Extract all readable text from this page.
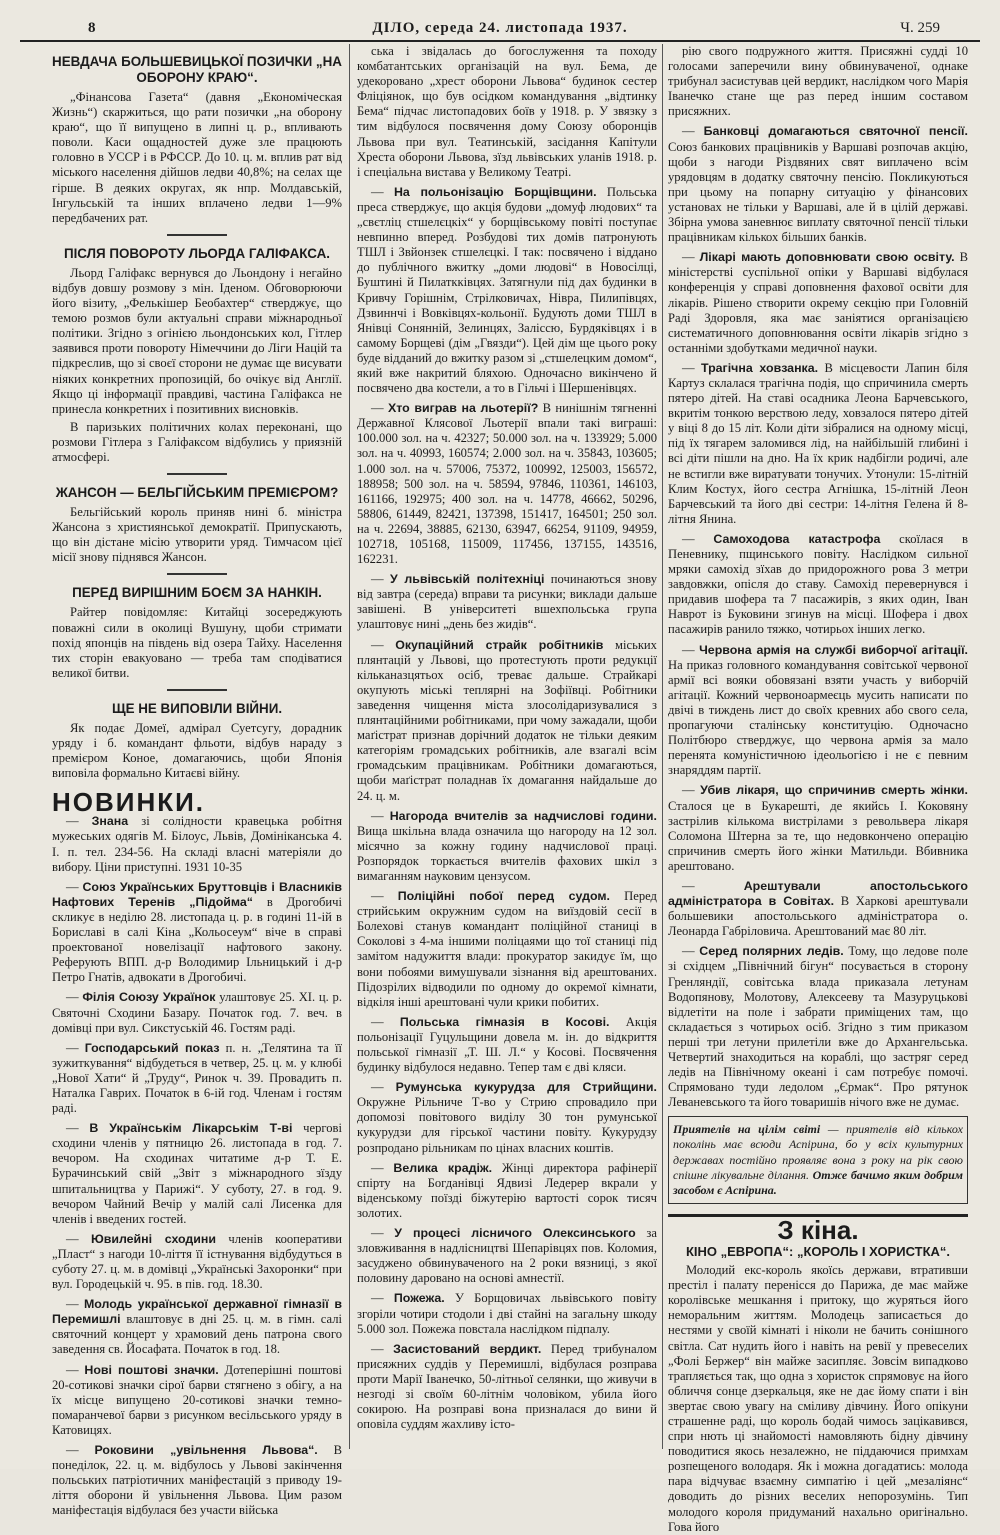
8	ДІЛО, середа 24. листопада 1937.	Ч. 259
НЕВДАЧА БОЛЬШЕВИЦЬКОЇ ПОЗИЧКИ „НА ОБОРОНУ КРАЮ“.

„Фінансова Газета“ (давня „Економіческая Жизнь“) скаржиться, що рати позички „на оборону краю“, що її випущено в липні ц. р., впливають поволи. Каси ощадностей дуже зле працюють головно в УССР і в РФССР. До 10. ц. м. вплив рат від міського населення дійшов ледви 40,8%; на селах ще гірше. В деяких округах, як нпр. Молдавській, Інгульській та інших вплачено ледви 1—9% передбачених рат.

ПІСЛЯ ПОВОРОТУ ЛЬОРДА ГАЛІФАКСА.

Льорд Галіфакс вернувся до Льондону і негайно відбув довшу розмову з мін. Іденом. Обговорюючи його візиту, „Фелькішер Беобахтер“ стверджує, що темою розмов були актуальні справи міжнародньої політики. Згідно з огінією льондонських кол, Гітлер заявився проти повороту Німеччини до Ліги Націй та підкреслив, що зі своєї сторони не думає ще висувати ніяких конкретних пропозицій, бо очікує від Англії. Якщо ці інформації правдиві, частина Галіфакса не принесла конкретних і позитивних висновків.

В паризьких політичних колах переконані, що розмови Гітлера з Галіфаксом відбулись у приязній атмосфері.

ЖАНСОН — БЕЛЬГІЙСЬКИМ ПРЕМІЄРОМ?

Бельгійський король приняв нині б. міністра Жансона з християнської демократії. Припускають, що він дістане місію утворити уряд. Тимчасом цієї місії знову піднявся Жансон.

ПЕРЕД ВИРІШНИМ БОЄМ ЗА НАНКІН.

Райтер повідомляє: Китайці зосереджують поважні сили в околиці Вушуну, щоби стримати похід японців на південь від озера Тайху. Населення тих сторін евакуовано — треба там сподіватися великої битви.

ЩЕ НЕ ВИПОВІЛИ ВІЙНИ.

Як подає Домеї, адмірал Суетсугу, дорадник уряду і б. командант фльоти, відбув нараду з премієром Коное, домагаючись, щоби Японія виповіла формально Китаєві війну.

НОВИНКИ.
— Знана зі солідности кравецька робітня мужеських одягів М. Білоус, Львів, Домініканська 4. І. п. тел. 234-56. На складі власні матеріяли до вибору. Ціни приступні. 1931 10-35
— Союз Українських Бруттовців і Власників Нафтових Теренів „Підойма“ в Дрогобичі скликує в неділю 28. листопада ц. р. в годині 11-ій в Бориславі в салі Кіна „Кольосеум“ віче в справі проектованої новелізації нафтового закону. Реферують ВПП. д-р Володимир Ільницький і д-р Петро Гнатів, адвокати в Дрогобичі.
— Філія Союзу Українок улаштовує 25. XI. ц. р. Святочні Сходини Базару. Початок год. 7. веч. в домівці при вул. Сикстуській 46. Гостям раді.
— Господарський показ п. н. „Телятина та її зужиткування“ відбудеться в четвер, 25. ц. м. у клюбі „Нової Хати“ й „Труду“, Ринок ч. 39. Провадить п. Наталка Гаврих. Початок в 6-ій год. Членам і гостям раді.
— В Українськім Лікарськім Т-ві чергові сходини членів у пятницю 26. листопада в год. 7. вечором. На сходинах читатиме д-р Т. Е. Бурачинський свій „Звіт з міжнародного зїзду шпитальництва у Парижі“. У суботу, 27. в год. 9. вечором Чайний Вечір у малій салі Лисенка для членів і введених гостей.
— Ювилейні сходини членів кооперативи „Пласт“ з нагоди 10-ліття її істнування відбудуться в суботу 27. ц. м. в домівці „Українські Захоронки“ при вул. Городецькій ч. 95. в пів. год. 18.30.
— Молодь української державної гімназії в Перемишлі влаштовує в дні 25. ц. м. в гімн. салі святочний концерт у храмовий день патрона свого заведення св. Йосафата. Початок в год. 18.
— Нові поштові значки. Дотеперішні поштові 20-сотикові значки сірої барви стягнено з обігу, а на їх місце випущено 20-сотикові значки темно-помаранчевої барви з рисунком весільського уряду в Катовицях.
— Роковини „увільнення Львова“. В понеділок, 22. ц. м. відбулось у Львові закінчення польських патріотичних маніфестацій з приводу 19-ліття оборони й увільнення Львова. Цим разом маніфестація відбулася без участи війська
ська і звідалась до богослуження та походу комбатантських організацій на вул. Бема, де удекоровано „хрест оборони Львова“ будинок сестер Фліціянок, що був осідком командування „відтинку Бема“ підчас листопадових боїв у 1918. р. У звязку з тим відбулося посвячення дому Союзу оборонців Львова при вул. Театинській, засідання Капітули Хреста оборони Львова, зїзд львівських уланів 1918. р. і спеціальна вистава у Великому Театрі.
— На польонізацію Борщівщини. Польська преса стверджує, що акція будови „домуф людових“ та „свєтліц стшелєцкіх“ у борщівському повіті поступає невпинно вперед. Розбудові тих домів патронують ТШЛ і Звйонзек стшелєцкі. І так: посвячено і віддано до публічного вжитку „доми людові“ в Новосілці, Буштині й Пилаткківцях. Затягнули під дах будинки в Кривчу Горішнім, Стрілковичах, Нівра, Пилипівцях, Дзвиннчі і Вовківцях-кольонії. Будують доми ТШЛ в Янівці Сонянній, Зелинцях, Заліссю, Бурдяківцях і в самому Борщеві (дім „Гвязди“). Цей дім ще цього року буде відданий до вжитку разом зі „стшелецким домом“, який вже накритий бляхою. Одночасно викінчено й посвячено два костели, а то в Гільчі і Шершенівцях.
— Хто виграв на льотерії? В нинішнім тягненні Державної Клясової Льотерії впали такі виграші: 100.000 зол. на ч. 42327; 50.000 зол. на ч. 133929; 5.000 зол. на ч. 40993, 160574; 2.000 зол. на ч. 35843, 103605; 1.000 зол. на ч. 57006, 75372, 100992, 125003, 156572, 188958; 500 зол. на ч. 58594, 97846, 110361, 146103, 161166, 192975; 400 зол. на ч. 14778, 46662, 50296, 58806, 61449, 82421, 137398, 151417, 164501; 250 зол. на ч. 22694, 38885, 62130, 63947, 66254, 91109, 94959, 102718, 105168, 115009, 117456, 137155, 143516, 162231.
— У львівській політехніці починаються знову від завтра (середа) вправи та рисунки; виклади дальше завішені. В університеті вшехпольська група улаштовує нині „день без жидів“.
— Окупаційний страйк робітників міських плянтацій у Львові, що протестують проти редукції кільканазцятьох осіб, треває дальше. Страйкарі окупують міські теплярні на Зофіївці. Робітники заведення чищення міста злосолідаризувалися з плянтаційними робітниками, при чому зажадали, щоби маґістрат признав дорічний додаток не тільки деяким категоріям громадських робітників, але взагалі всім громадським працівникам. Робітники домагаються, щоби маґістрат поладнав їх домагання найдальше до 24. ц. м.
— Нагорода вчителів за надчислові години. Вища шкільна влада означила що нагороду на 12 зол. місячно за кожну годину надчислової праці. Розпорядок торкається вчителів фахових шкіл з вимаганням науковим цензусом.
— Поліційні побої перед судом. Перед стрийським окружним судом на виїздовій сесії в Болехові станув командант поліційної станиці в Соколові з 4-ма іншими поліцаями що тої станиці під замітом надужиття влади: прокуратор закидує їм, що вони побоями вимушували зізнання від арештованих. Підозрілих відводили по одному до окремої кімнати, відкіля інші арештовані чули крики побитих.
— Польська гімназія в Косові. Акція польонізації Гуцульщини довела м. ін. до відкриття польської гімназії „Т. Ш. Л.“ у Косові. Посвячення будинку відбулося недавно. Тепер там є дві кляси.
— Румунська кукурудза для Стрийщини. Окружне Рільниче Т-во у Стрию спровадило при допомозі повітового виділу 30 тон румунської кукурудзи для гірської частини повіту. Кукурудзу розпродано рільникам по цінах власних коштів.
— Велика крадіж. Жінці директора рафінерії спірту на Богданівці Ядвизі Ледерер вкрали у віденському поїзді біжутерію вартості сорок тисяч золотих.
— У процесі лісничого Олексинського за зловживання в надлісництві Шепарівцях пов. Коломия, засуджено обвинуваченого на 2 роки вязниці, з якої половину даровано на основі амнестії.
— Пожежа. У Борщовичах львівського повіту згоріли чотири стодоли і дві стайні на загальну шкоду 5.000 зол. Пожежа повстала наслідком підпалу.
— Засистований вердикт. Перед трибуналом присяжних суддів у Перемишлі, відбулася розправа проти Марії Іванечко, 50-літньої селянки, що живучи в незгоді зі своїм 60-літнім чоловіком, убила його сокирою. На розправі вона призналася до вини й оповіла суддям жахливу істо-
рію свого подружного життя. Присяжні судді 10 голосами заперечили вину обвинуваченої, однаке трибунал засистував цей вердикт, наслідком чого Марія Іванечко стане ще раз перед іншим составом присяжних.
— Банковці домагаються святочної пенсії. Союз банкових працівників у Варшаві розпочав акцію, щоби з нагоди Різдвяних свят виплачено всім урядовцям в додатку святочну пенсію. Покликуються при цьому на попарну ситуацію у фінансових установах не тільки у Варшаві, але й в цілій державі. Збірна умова заневнює виплату святочної пенсії тільки працівникам кількох більших банків.
— Лікарі мають доповнювати свою освіту. В міністерстві суспільної опіки у Варшаві відбулася конференція у справі доповнення фахової освіти для лікарів. Рішено створити окрему секцію при Головній Раді Здоровля, яка має заніятися організацією систематичного доповнювання освіти лікарів згідно з останніми здобутками медичної науки.
— Трагічна ховзанка. В місцевости Лапин біля Картуз склалася трагічна подія, що спричинила смерть пятеро дітей. На ставі осадника Леона Барчевського, вкритім тонкою верствою леду, ховзалося пятеро дітей у віці 8 до 15 літ. Коли діти зібралися на одному місці, під їх тягарем заломився лід, на найбільшій глибині і всі діти пішли на дно. На їх крик надбігли родичі, але не встигли вже виратувати тонучих. Утонули: 15-літній Клим Костух, його сестра Агнішка, 15-літній Леон Барчевський та його дві сестри: 14-літня Гелена й 8-літня Янина.
— Самоходова катастрофа скоїлася в Пеневнику, пщинського повіту. Наслідком сильної мряки самохід зїхав до придорожного рова 3 метри завдовжки, опісля до ставу. Самохід перевернувся і придавив шофера та 7 пасажирів, з яких один, Іван Наврот із Буковини згинув на місці. Шофера і двох пасажирів ранило тяжко, чотирьох інших легко.
— Червона армія на службі виборчої агітації. На приказ головного командування совітської червоної армії всі вояки обовязані взяти участь у виборчій агітації. Кожний червоноармеєць мусить написати по двічі в тиждень лист до своїх кревних або свого села, пропагуючи сталінську конституцію. Одночасно Політбюро стверджує, що червона армія за мало перенята комуністичною ідеольогією і не є певним знаряддям партії.
— Убив лікаря, що спричинив смерть жінки. Сталося це в Букарешті, де якийсь І. Коковяну застрілив кількома вистрілами з револьвера лікаря Соломона Штерна за те, що недовкончено операцію спричинив смерть його жінки Матильди. Вбивника арештовано.
— Арештували апостольського адміністратора в Совітах. В Харкові арештували большевики апостольського адміністратора о. Леонарда Габріловича. Арештований має 80 літ.
— Серед полярних ледів. Тому, що ледове поле зі східцем „Північний бігун“ посувається в сторону Гренляндії, совітська влада приказала летунам Водопянову, Молотову, Алексееву та Мазуруцькові відлетіти на поле і забрати приміщених там, що складається з чотирьох осіб. Згідно з тим приказом перші три летуни прилетіли вже до Архангельська. Четвертий знаходиться на кораблі, що застряг серед ледів на Північному океані і сам потребує помочі. Спрямовано туди ледолом „Єрмак“. Про рятунок Леваневського та його товаришів нічого вже не думає.
Приятелів на цілім світі — приятелів від кількох поколінь має всюди Аспірина, бо у всіх культурних державах постійно проявляє вона з року на рік свою спішне лікувальне ділання. Отже бачимо яким добрим засобом є Аспірина.
З кіна.
КІНО „ЕВРОПА“: „КОРОЛЬ І ХОРИСТКА“.

Молодий екс-король якоїсь держави, втративши престіл і палату перенісся до Парижа, де має майже королівське мешкання і притоку, що журяться його неморальним життям. Молодець записається до нестями у своїй кімнаті і ніколи не бачить сонішного світла. Сат нудить його і навіть на ревії у превеселих „Фолі Бержер“ він майже засипляє. Зовсім випадково трапляється так, що одна з хористок спрямовує на його обличчя сонце дзеркальця, яке не дає йому спати і він звертає свою увагу на сміливу дівчину. Його опікуни страшенне раді, що король бодай чимось зацікавився, спри нють ці знайомості намовляють бідну дівчину поводитися якось незалежно, не піддаючися примхам розпещеного володаря. Як і можна догадатись: молода пара відчуває взаємну симпатію і цей „мезаліянс“ доводить до різних веселих непорозумінь. Тип молодого короля придуманий нахально оригінально. Гова його
